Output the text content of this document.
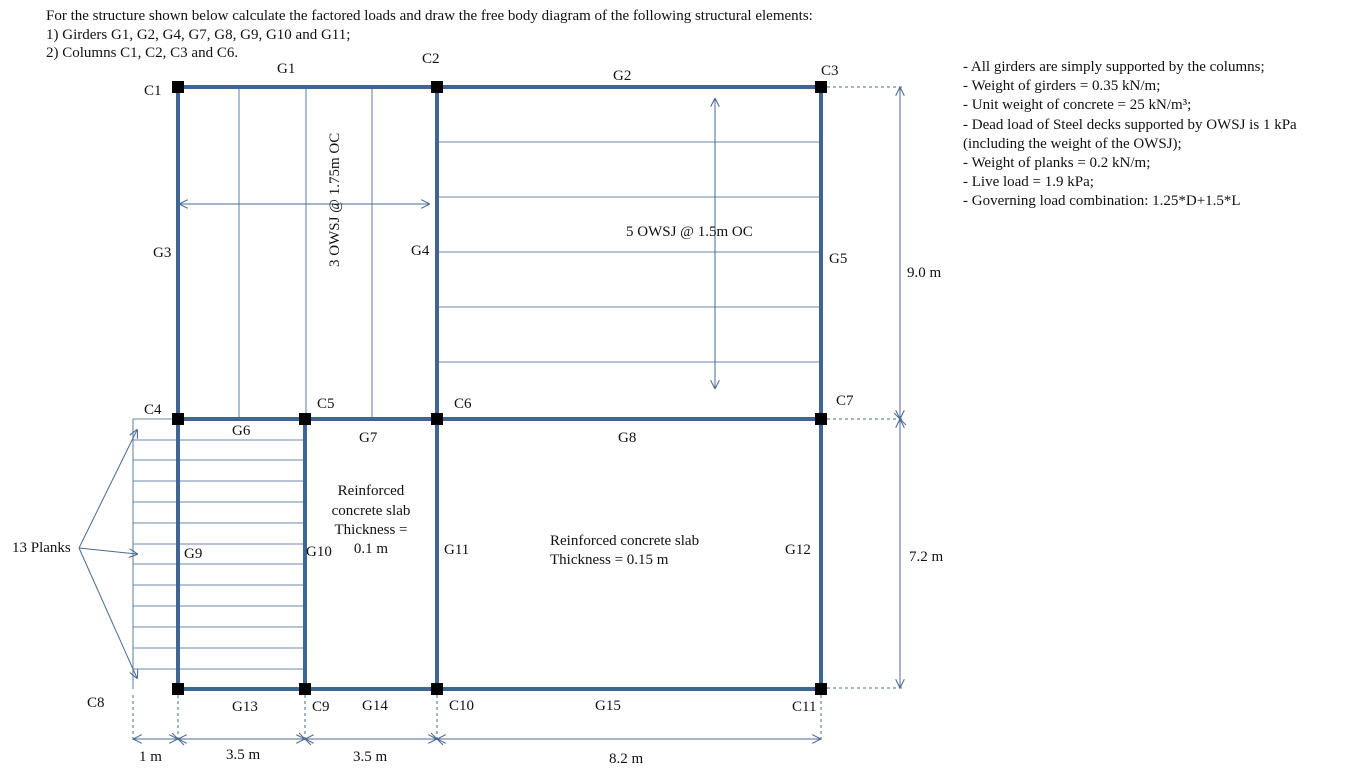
For the structure shown below calculate the factored loads and draw the free body diagram of the following structural elements:
1) Girders G1, G2, G4, G7, G8, G9, G10 and G11;
2) Columns C1, C2, C3 and C6.
- All girders are simply supported by the columns;
- Weight of girders = 0.35 kN/m;
- Unit weight of concrete = 25 kN/m³;
- Dead load of Steel decks supported by OWSJ is 1 kPa (including the weight of the OWSJ);
- Weight of planks = 0.2 kN/m;
- Live load = 1.9 kPa;
- Governing load combination: 1.25*D+1.5*L
C1
C2
C3
C4	C5	C6	C7
C8	C9	C10	C11
G1	G2
G3	G4	G5
G6	G7	G8
G9	G10	G11	G12
G13	G14	G15
3 OWSJ @ 1.75m OC	5 OWSJ @ 1.5m OC
13 Planks
Reinforced
concrete slab
Thickness =
0.1 m	Reinforced concrete slab
Thickness = 0.15 m
1 m	3.5 m	3.5 m	8.2 m
9.0 m
7.2 m
